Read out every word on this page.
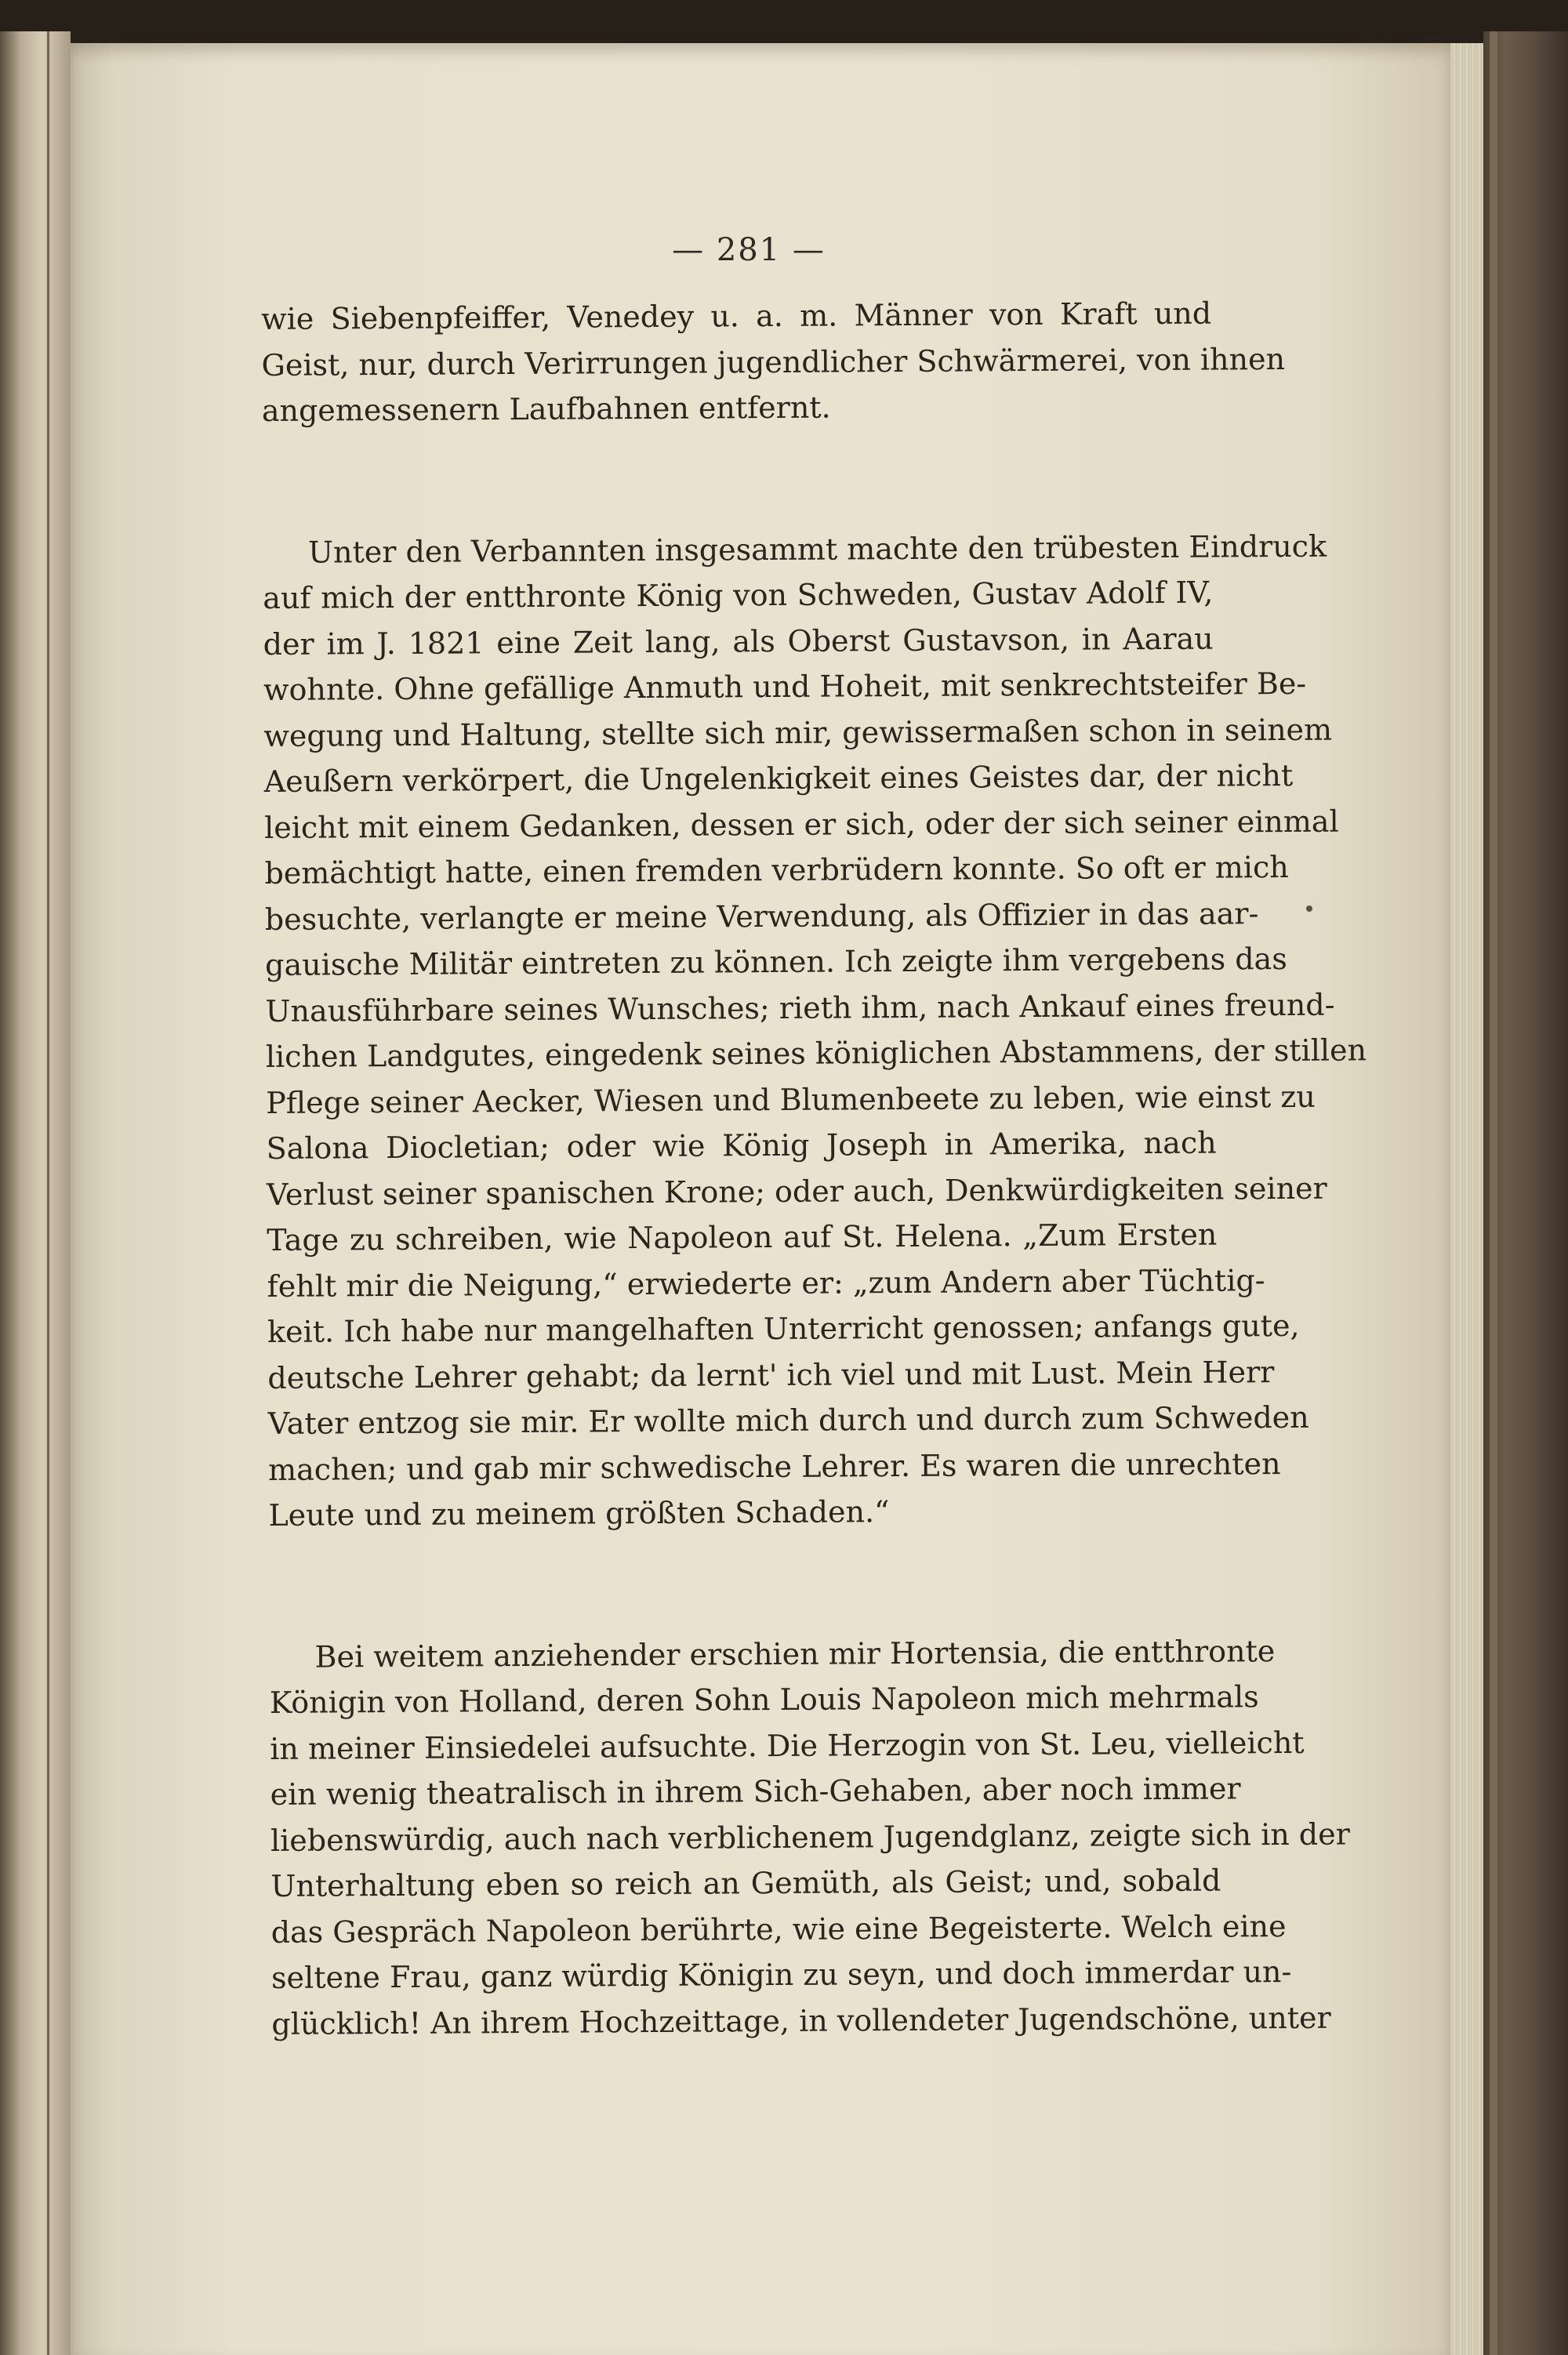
— 281 —
wie Siebenpfeiffer, Venedey u. a. m. Männer von Kraft und
Geist, nur, durch Verirrungen jugendlicher Schwärmerei, von ihnen
angemessenern Laufbahnen entfernt.
Unter den Verbannten insgesammt machte den trübesten Eindruck
auf mich der entthronte König von Schweden, Gustav Adolf IV,
der im J. 1821 eine Zeit lang, als Oberst Gustavson, in Aarau
wohnte. Ohne gefällige Anmuth und Hoheit, mit senkrechtsteifer Be-
wegung und Haltung, stellte sich mir, gewissermaßen schon in seinem
Aeußern verkörpert, die Ungelenkigkeit eines Geistes dar, der nicht
leicht mit einem Gedanken, dessen er sich, oder der sich seiner einmal
bemächtigt hatte, einen fremden verbrüdern konnte. So oft er mich
besuchte, verlangte er meine Verwendung, als Offizier in das aar-
gauische Militär eintreten zu können. Ich zeigte ihm vergebens das
Unausführbare seines Wunsches; rieth ihm, nach Ankauf eines freund-
lichen Landgutes, eingedenk seines königlichen Abstammens, der stillen
Pflege seiner Aecker, Wiesen und Blumenbeete zu leben, wie einst zu
Salona Diocletian; oder wie König Joseph in Amerika, nach
Verlust seiner spanischen Krone; oder auch, Denkwürdigkeiten seiner
Tage zu schreiben, wie Napoleon auf St. Helena. „Zum Ersten
fehlt mir die Neigung,“ erwiederte er: „zum Andern aber Tüchtig-
keit. Ich habe nur mangelhaften Unterricht genossen; anfangs gute,
deutsche Lehrer gehabt; da lernt' ich viel und mit Lust. Mein Herr
Vater entzog sie mir. Er wollte mich durch und durch zum Schweden
machen; und gab mir schwedische Lehrer. Es waren die unrechten
Leute und zu meinem größten Schaden.“
Bei weitem anziehender erschien mir Hortensia, die entthronte
Königin von Holland, deren Sohn Louis Napoleon mich mehrmals
in meiner Einsiedelei aufsuchte. Die Herzogin von St. Leu, vielleicht
ein wenig theatralisch in ihrem Sich-Gehaben, aber noch immer
liebenswürdig, auch nach verblichenem Jugendglanz, zeigte sich in der
Unterhaltung eben so reich an Gemüth, als Geist; und, sobald
das Gespräch Napoleon berührte, wie eine Begeisterte. Welch eine
seltene Frau, ganz würdig Königin zu seyn, und doch immerdar un-
glücklich! An ihrem Hochzeittage, in vollendeter Jugendschöne, unter
